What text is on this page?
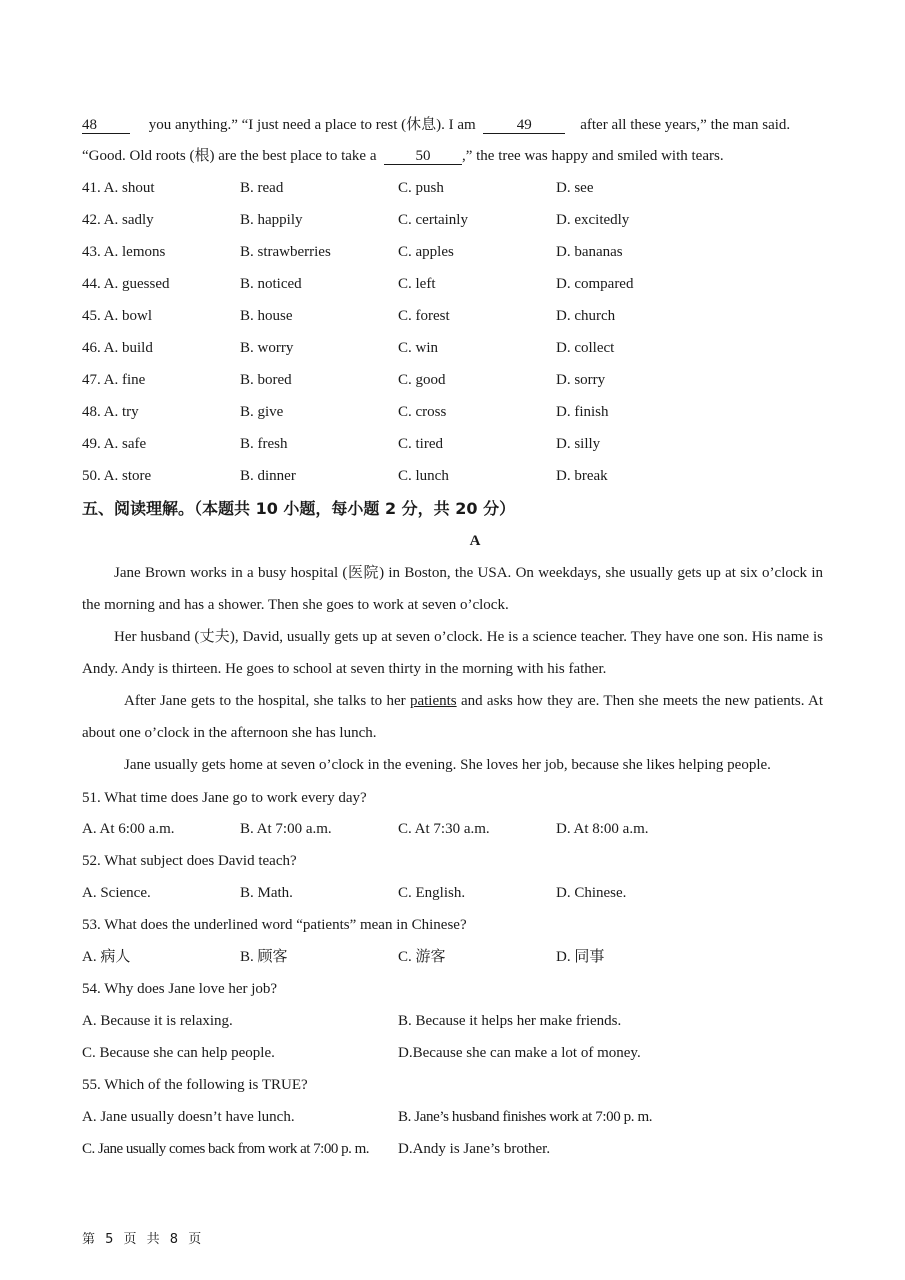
48	you anything.” “I just need a place to rest (休息). I am	49	after all these years,” the man said.
“Good. Old roots (根) are the best place to take a	50 ,” the tree was happy and smiled with tears.
41. A. shout	B. read	C. push	D. see
42. A. sadly	B. happily	C. certainly	D. excitedly
43. A. lemons	B. strawberries	C. apples	D. bananas
44. A. guessed	B. noticed	C. left	D. compared
45. A. bowl	B. house	C. forest	D. church
46. A. build	B. worry	C. win	D. collect
47. A. fine	B. bored	C. good	D. sorry
48. A. try	B. give	C. cross	D. finish
49. A. safe	B. fresh	C. tired	D. silly
50. A. store	B. dinner	C. lunch	D. break
五、阅读理解。（本题共 10 小题，每小题 2 分，共 20 分）
A
Jane Brown works in a busy hospital (医院) in Boston, the USA. On weekdays, she usually gets up at six o’clock in the morning and has a shower. Then she goes to work at seven o’clock.
Her husband (丈夫), David, usually gets up at seven o’clock. He is a science teacher. They have one son. His name is Andy. Andy is thirteen. He goes to school at seven thirty in the morning with his father.
After Jane gets to the hospital, she talks to her patients and asks how they are. Then she meets the new patients. At about one o’clock in the afternoon she has lunch.
Jane usually gets home at seven o’clock in the evening. She loves her job, because she likes helping people.
51. What time does Jane go to work every day?
A. At 6:00 a.m.	B. At 7:00 a.m.	C. At 7:30 a.m.	D. At 8:00 a.m.
52. What subject does David teach?
A. Science.	B. Math.	C. English.	D. Chinese.
53. What does the underlined word “patients” mean in Chinese?
A. 病人	B. 顾客	C. 游客	D. 同事
54. Why does Jane love her job?
A. Because it is relaxing.	B. Because it helps her make friends.
C. Because she can help people.	D.Because she can make a lot of money.
55. Which of the following is TRUE?
A. Jane usually doesn’t have lunch.	B. Jane’s husband finishes work at 7:00 p. m.
C. Jane usually comes back from work at 7:00 p. m. D.Andy is Jane’s brother.
第 5 页 共 8 页
